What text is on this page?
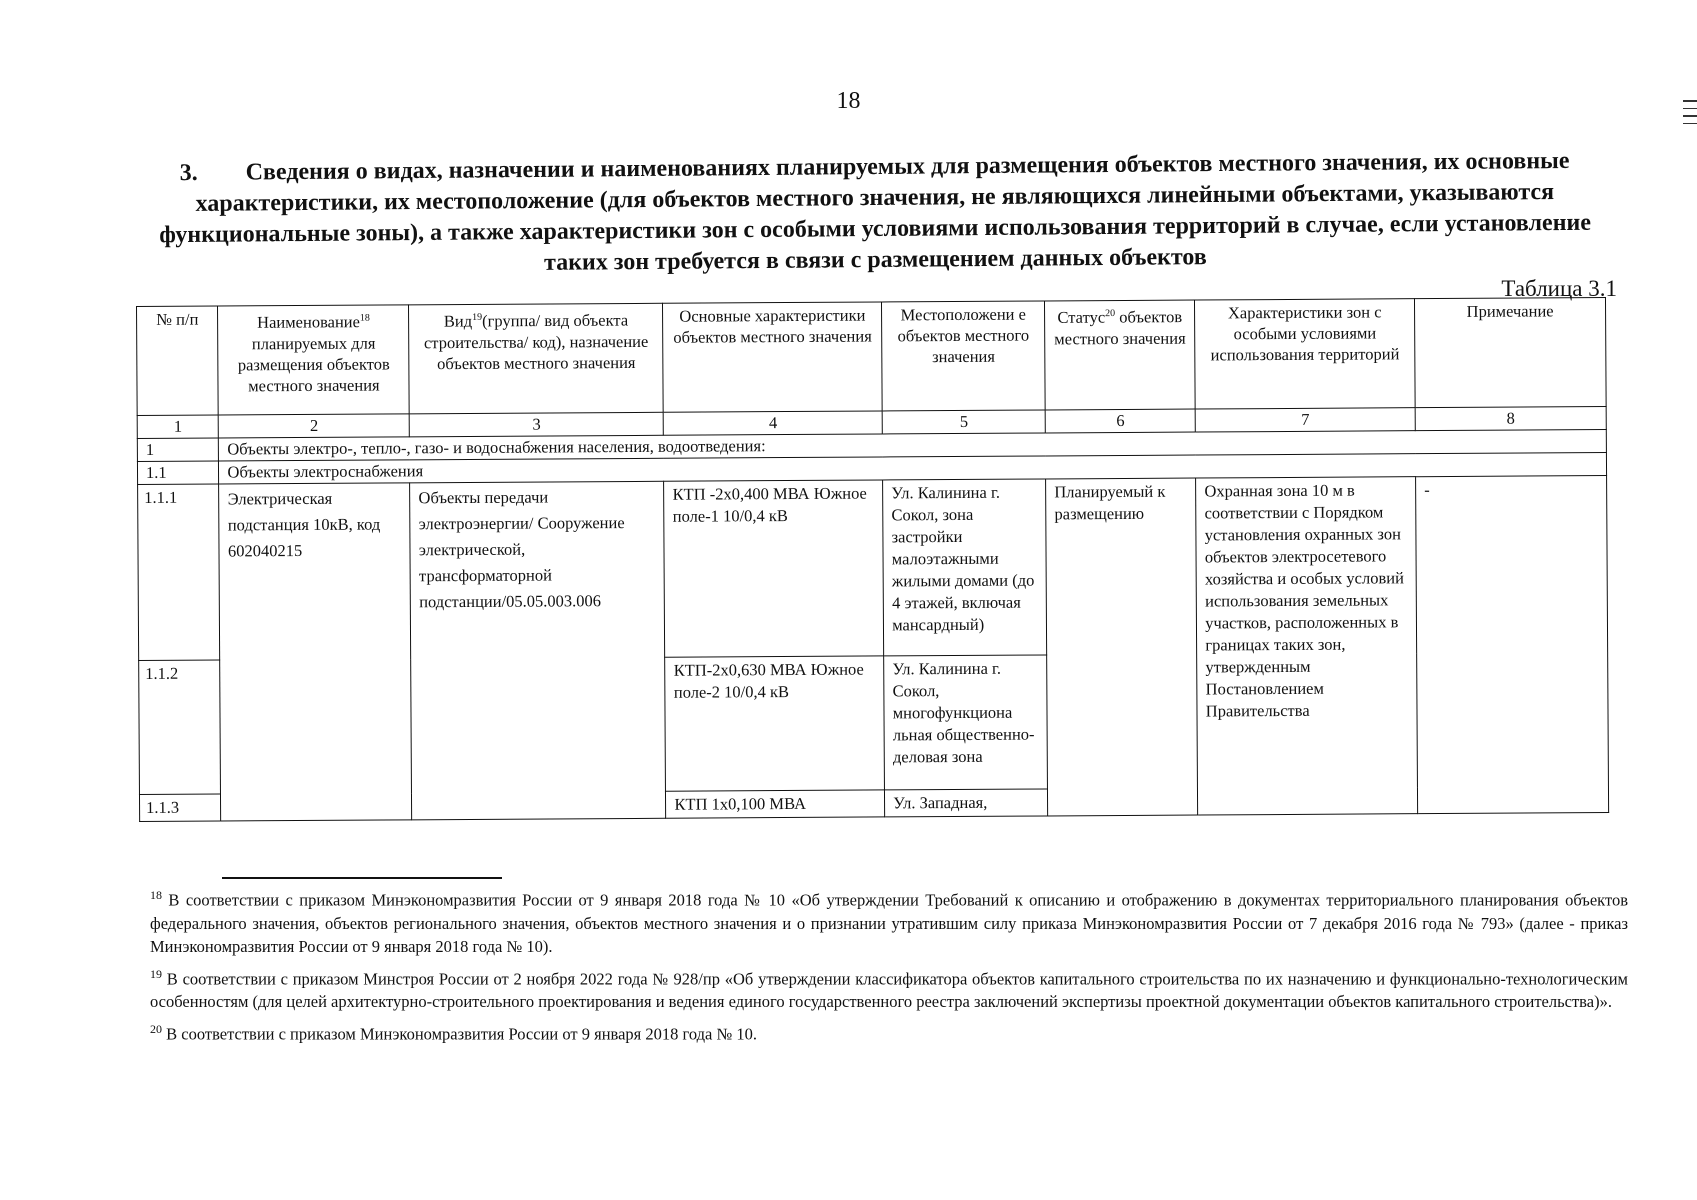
18
3. Сведения о видах, назначении и наименованиях планируемых для размещения объектов местного значения, их основные характеристики, их местоположение (для объектов местного значения, не являющихся линейными объектами, указываются функциональные зоны), а также характеристики зон с особыми условиями использования территорий в случае, если установление таких зон требуется в связи с размещением данных объектов
Таблица 3.1
№ п/п	Наименование$^{18}$ планируемых для размещения объектов местного значения	Вид$^{19}$(группа/ вид объекта строительства/ код), назначение объектов местного значения	Основные характеристики объектов местного значения	Местоположени е объектов местного значения	Статус$^{20}$ объектов местного значения	Характеристики зон с особыми условиями использования территорий	Примечание
1	2	3	4	5	6	7	8
1	Объекты электро-, тепло-, газо- и водоснабжения населения, водоотведения:						
1.1	Объекты электроснабжения						
1.1.1	Электрическая подстанция 10кВ, код 602040215	Объекты передачи электроэнергии/ Сооружение электрической, трансформаторной подстанции/05.05.003.006	КТП -2х0,400 МВА Южное поле-1 10/0,4 кВ	Ул. Калинина г. Сокол, зона застройки малоэтажными жилыми домами (до 4 этажей, включая мансардный)	Планируемый к размещению	Охранная зона 10 м в соответствии с Порядком установления охранных зон объектов электросетевого хозяйства и особых условий использования земельных участков, расположенных в границах таких зон, утвержденным Постановлением Правительства	-
1.1.2			КТП-2х0,630 МВА Южное поле-2 10/0,4 кВ	Ул. Калинина г. Сокол, многофункциона льная общественно-деловая зона			
1.1.3			КТП 1х0,100 МВА	Ул. Западная,			

$^{18}$ В соответствии с приказом Минэкономразвития России от 9 января 2018 года № 10 «Об утверждении Требований к описанию и отображению в документах территориального планирования объектов федерального значения, объектов регионального значения, объектов местного значения и о признании утратившим силу приказа Минэкономразвития России от 7 декабря 2016 года № 793» (далее - приказ Минэкономразвития России от 9 января 2018 года № 10).

$^{19}$ В соответствии с приказом Минстроя России от 2 ноября 2022 года № 928/пр «Об утверждении классификатора объектов капитального строительства по их назначению и функционально-технологическим особенностям (для целей архитектурно-строительного проектирования и ведения единого государственного реестра заключений экспертизы проектной документации объектов капитального строительства)».

$^{20}$ В соответствии с приказом Минэкономразвития России от 9 января 2018 года № 10.
